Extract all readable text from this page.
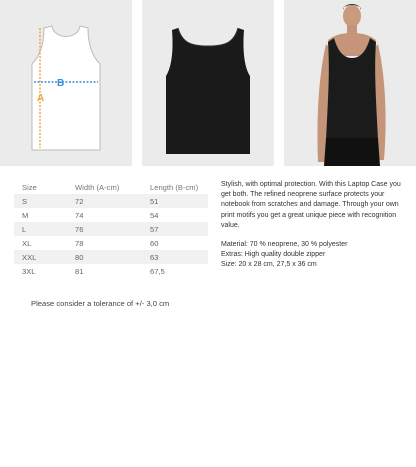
B
A
Size	Width (A-cm)	Length (B-cm)
S	72	51
M	74	54
L	76	57
XL	78	60
XXL	80	63
3XL	81	67,5
Please consider a tolerance of +/- 3,0 cm

Stylish, with optimal protection. With this Laptop Case you get both. The refined neoprene surface protects your notebook from scratches and damage. Through your own print motifs you get a great unique piece with recognition value.

Material: 70 % neoprene, 30 % polyester
Extras: High quality double zipper
Size: 20 x 28 cm, 27,5 x 36 cm
